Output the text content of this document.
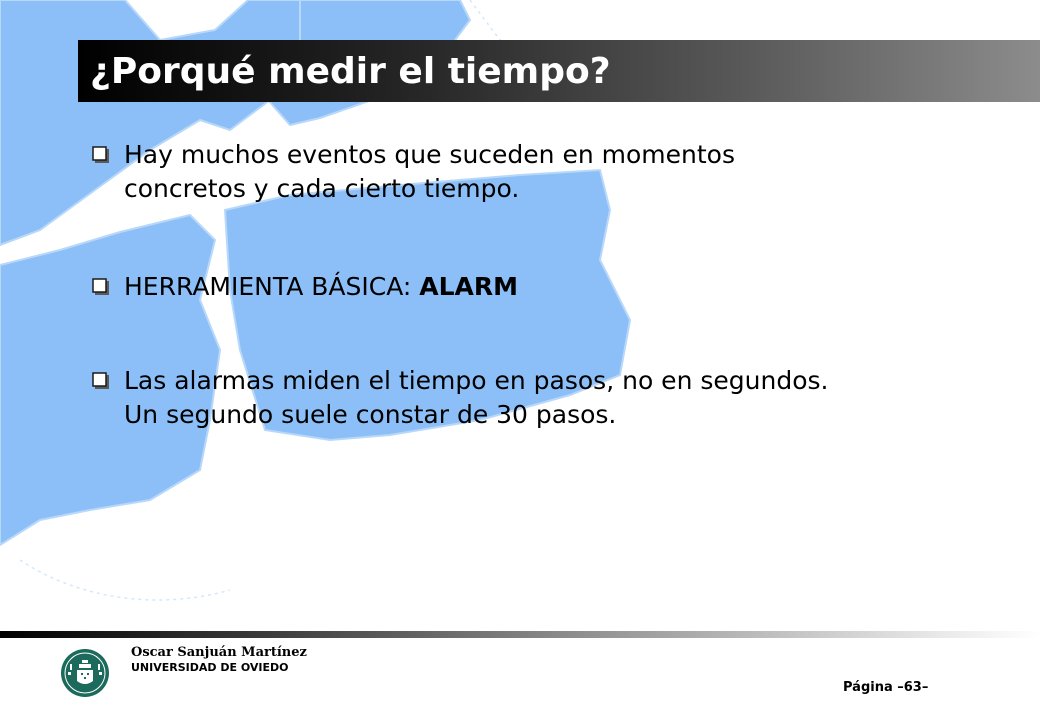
¿Porqué medir el tiempo?
Hay muchos eventos que suceden en momentos
concretos y cada cierto tiempo.
HERRAMIENTA BÁSICA: ALARM
Las alarmas miden el tiempo en pasos, no en segundos.
Un segundo suele constar de 30 pasos.
Oscar Sanjuán Martínez
UNIVERSIDAD DE OVIEDO
Página –63–
